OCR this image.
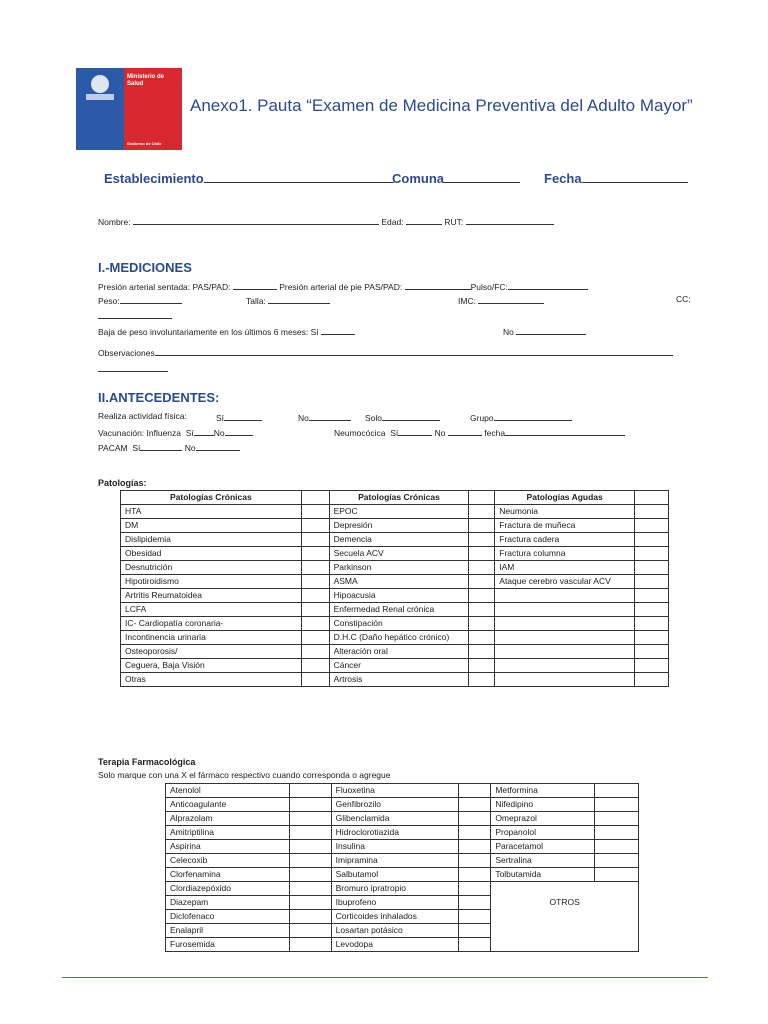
Ministerio de Salud
Gobierno de Chile
Anexo1. Pauta “Examen de Medicina Preventiva del Adulto Mayor”
Establecimiento	Comuna	Fecha
Nombre:	Edad:	RUT:
I.-MEDICIONES
Presión arterial sentada: PAS/PAD:	Presión arterial de pie PAS/PAD:	Pulso/FC:
Peso:	Talla:	IMC:	CC:
Baja de peso involuntariamente en los últimos 6 meses: Sí	No
Observaciones
II.ANTECEDENTES:
Realiza actividad física:	Sí	No	Solo	Grupo
Vacunación: Influenza Sí No	Neumocócica Sí	No	fecha
PACAM Sí	No
Patologías:
Patologías Crónicas		Patologías Crónicas		Patologías Agudas	
HTA		EPOC		Neumonia	
DM		Depresión		Fractura de muñeca	
Dislipidemia		Demencia		Fractura cadera	
Obesidad		Secuela ACV		Fractura columna	
Desnutrición		Parkinson		IAM	
Hipotiroidismo		ASMA		Ataque cerebro vascular ACV	
Artritis Reumatoidea		Hipoacusia			
LCFA		Enfermedad Renal crónica			
IC- Cardiopatía coronaria-		Constipación			
Incontinencia urinaria		D.H.C (Daño hepático crónico)			
Osteoporosis/		Alteración oral			
Ceguera, Baja Visión		Cáncer			
Otras		Artrosis			
Terapia Farmacológica
Solo marque con una X el fármaco respectivo cuando corresponda o agregue
Atenolol		Fluoxetina		Metformina	
Anticoagulante		Genfibrozilo		Nifedipino	
Alprazolam		Glibenclamida		Omeprazol	
Amitriptilina		Hidroclorotiazida		Propanolol	
Aspirina		Insulina		Paracetamol	
Celecoxib		Imipramina		Sertralina	
Clorfenamina		Salbutamol		Tolbutamida	
Clordiazepóxido		Bromuro ipratropio			
Diazepam		Ibuprofeno		OTROS	
Diclofenaco		Corticoides inhalados			
Enalapril		Losartan potásico			
Furosemida		Levodopa			
